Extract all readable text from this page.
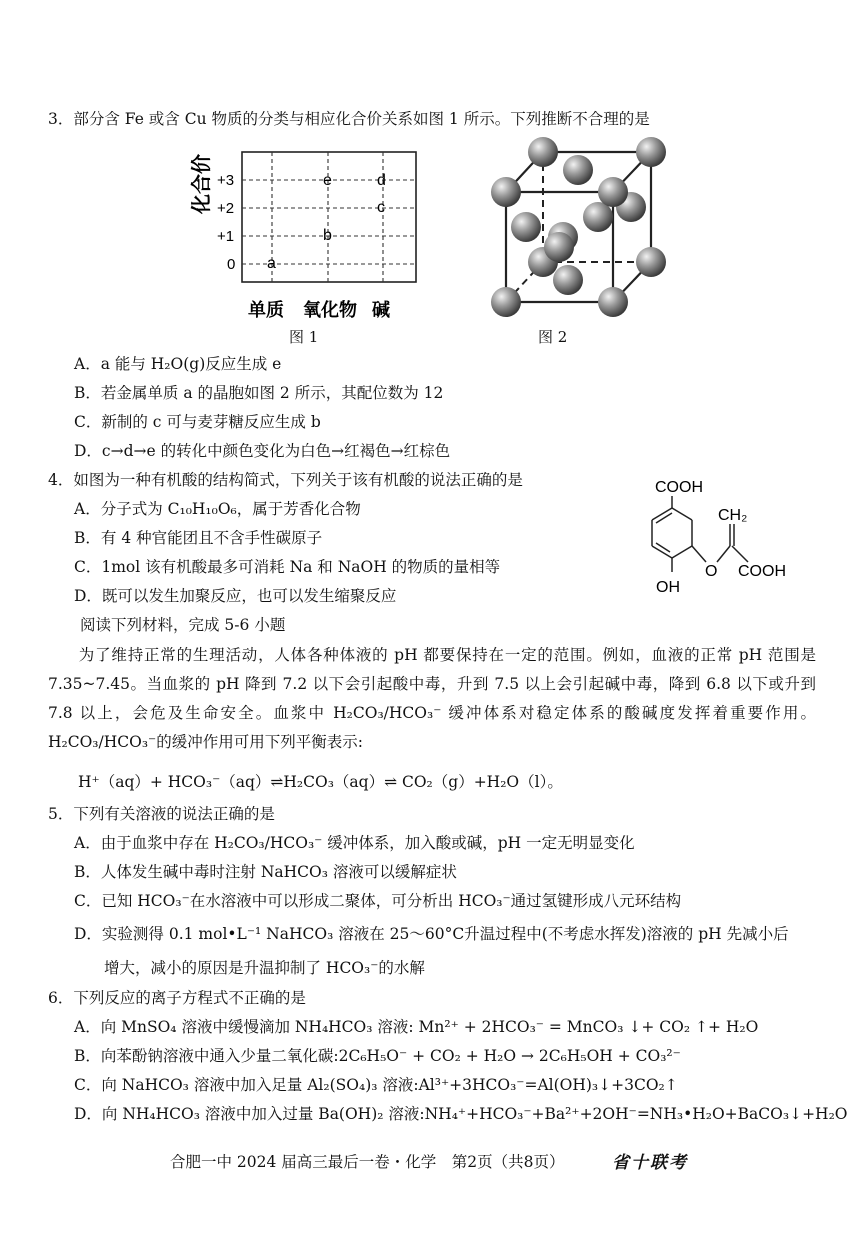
3．部分含 Fe 或含 Cu 物质的分类与相应化合价关系如图 1 所示。下列推断不合理的是
化合价 +3
+2
+1
0
e	d
c
b
a
单质 氧化物 碱
图 1	图 2
A．a 能与 H₂O(g)反应生成 e
B．若金属单质 a 的晶胞如图 2 所示，其配位数为 12
C．新制的 c 可与麦芽糖反应生成 b
D．c→d→e 的转化中颜色变化为白色→红褐色→红棕色
4．如图为一种有机酸的结构简式，下列关于该有机酸的说法正确的是	COOH
CH₂
O COOH
OH
A．分子式为 C₁₀H₁₀O₆，属于芳香化合物
B．有 4 种官能团且不含手性碳原子
C．1mol 该有机酸最多可消耗 Na 和 NaOH 的物质的量相等
D．既可以发生加聚反应，也可以发生缩聚反应
阅读下列材料，完成 5-6 小题
为了维持正常的生理活动，人体各种体液的 pH 都要保持在一定的范围。例如，血液的正常 pH 范围是 7.35~7.45。当血浆的 pH 降到 7.2 以下会引起酸中毒，升到 7.5 以上会引起碱中毒，降到 6.8 以下或升到 7.8 以上，会危及生命安全。血浆中 H₂CO₃/HCO₃⁻ 缓冲体系对稳定体系的酸碱度发挥着重要作用。H₂CO₃/HCO₃⁻的缓冲作用可用下列平衡表示:
H⁺（aq）+ HCO₃⁻（aq）⇌H₂CO₃（aq）⇌ CO₂（g）+H₂O（l）。
5．下列有关溶液的说法正确的是
A．由于血浆中存在 H₂CO₃/HCO₃⁻ 缓冲体系，加入酸或碱，pH 一定无明显变化
B．人体发生碱中毒时注射 NaHCO₃ 溶液可以缓解症状
C．已知 HCO₃⁻在水溶液中可以形成二聚体，可分析出 HCO₃⁻通过氢键形成八元环结构
D．实验测得 0.1 mol•L⁻¹ NaHCO₃ 溶液在 25～60°C升温过程中(不考虑水挥发)溶液的 pH 先减小后
增大，减小的原因是升温抑制了 HCO₃⁻的水解
6．下列反应的离子方程式不正确的是
A．向 MnSO₄ 溶液中缓慢滴加 NH₄HCO₃ 溶液: Mn²⁺ + 2HCO₃⁻ = MnCO₃ ↓+ CO₂ ↑+ H₂O
B．向苯酚钠溶液中通入少量二氧化碳:2C₆H₅O⁻ + CO₂ + H₂O → 2C₆H₅OH + CO₃²⁻
C．向 NaHCO₃ 溶液中加入足量 Al₂(SO₄)₃ 溶液:Al³⁺+3HCO₃⁻=Al(OH)₃↓+3CO₂↑
D．向 NH₄HCO₃ 溶液中加入过量 Ba(OH)₂ 溶液:NH₄⁺+HCO₃⁻+Ba²⁺+2OH⁻=NH₃•H₂O+BaCO₃↓+H₂O
合肥一中 2024 届高三最后一卷・化学　第2页（共8页）	省十联考
